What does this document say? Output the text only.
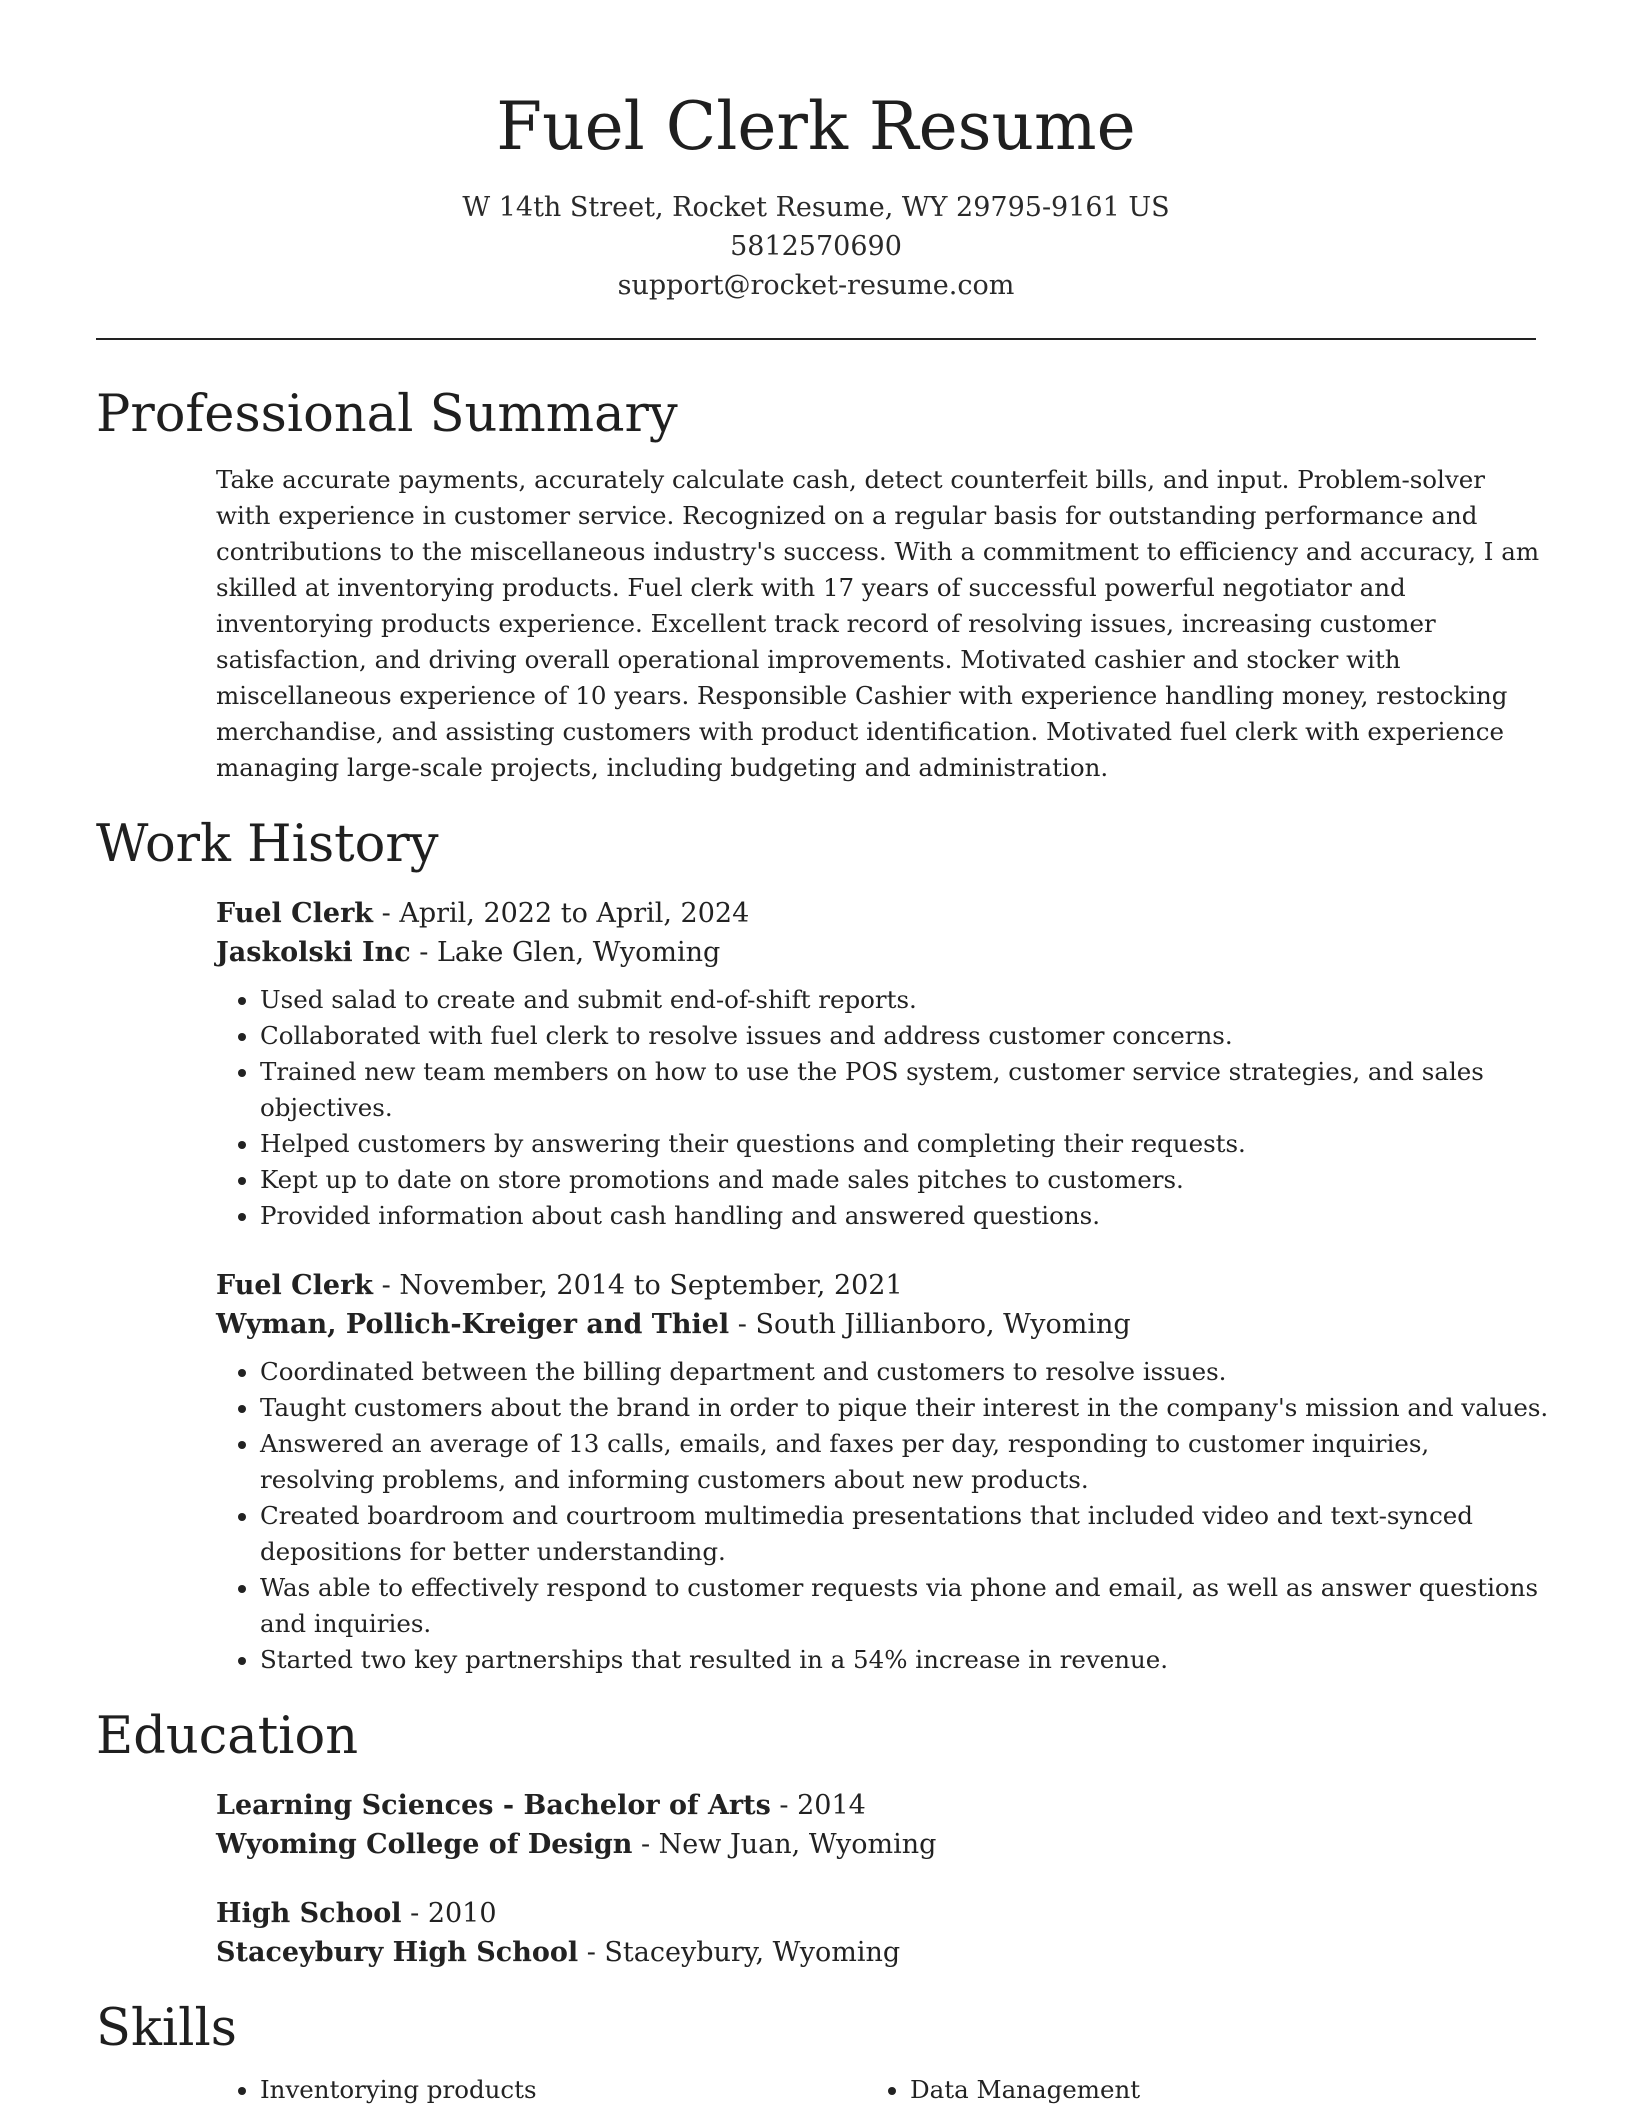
Fuel Clerk Resume
W 14th Street, Rocket Resume, WY 29795-9161 US
5812570690
support@rocket-resume.com
Professional Summary
Take accurate payments, accurately calculate cash, detect counterfeit bills, and input. Problem-solver with experience in customer service. Recognized on a regular basis for outstanding performance and contributions to the miscellaneous industry's success. With a commitment to efficiency and accuracy, I am skilled at inventorying products. Fuel clerk with 17 years of successful powerful negotiator and inventorying products experience. Excellent track record of resolving issues, increasing customer satisfaction, and driving overall operational improvements. Motivated cashier and stocker with miscellaneous experience of 10 years. Responsible Cashier with experience handling money, restocking merchandise, and assisting customers with product identification. Motivated fuel clerk with experience managing large-scale projects, including budgeting and administration.
Work History
Fuel Clerk - April, 2022 to April, 2024
Jaskolski Inc - Lake Glen, Wyoming
• Used salad to create and submit end-of-shift reports.
• Collaborated with fuel clerk to resolve issues and address customer concerns.
• Trained new team members on how to use the POS system, customer service strategies, and sales objectives.
• Helped customers by answering their questions and completing their requests.
• Kept up to date on store promotions and made sales pitches to customers.
• Provided information about cash handling and answered questions.
Fuel Clerk - November, 2014 to September, 2021
Wyman, Pollich-Kreiger and Thiel - South Jillianboro, Wyoming
• Coordinated between the billing department and customers to resolve issues.
• Taught customers about the brand in order to pique their interest in the company's mission and values.
• Answered an average of 13 calls, emails, and faxes per day, responding to customer inquiries, resolving problems, and informing customers about new products.
• Created boardroom and courtroom multimedia presentations that included video and text-synced depositions for better understanding.
• Was able to effectively respond to customer requests via phone and email, as well as answer questions and inquiries.
• Started two key partnerships that resulted in a 54% increase in revenue.
Education
Learning Sciences - Bachelor of Arts - 2014
Wyoming College of Design - New Juan, Wyoming
High School - 2010
Staceybury High School - Staceybury, Wyoming
Skills
• Inventorying products
•	Data Management
